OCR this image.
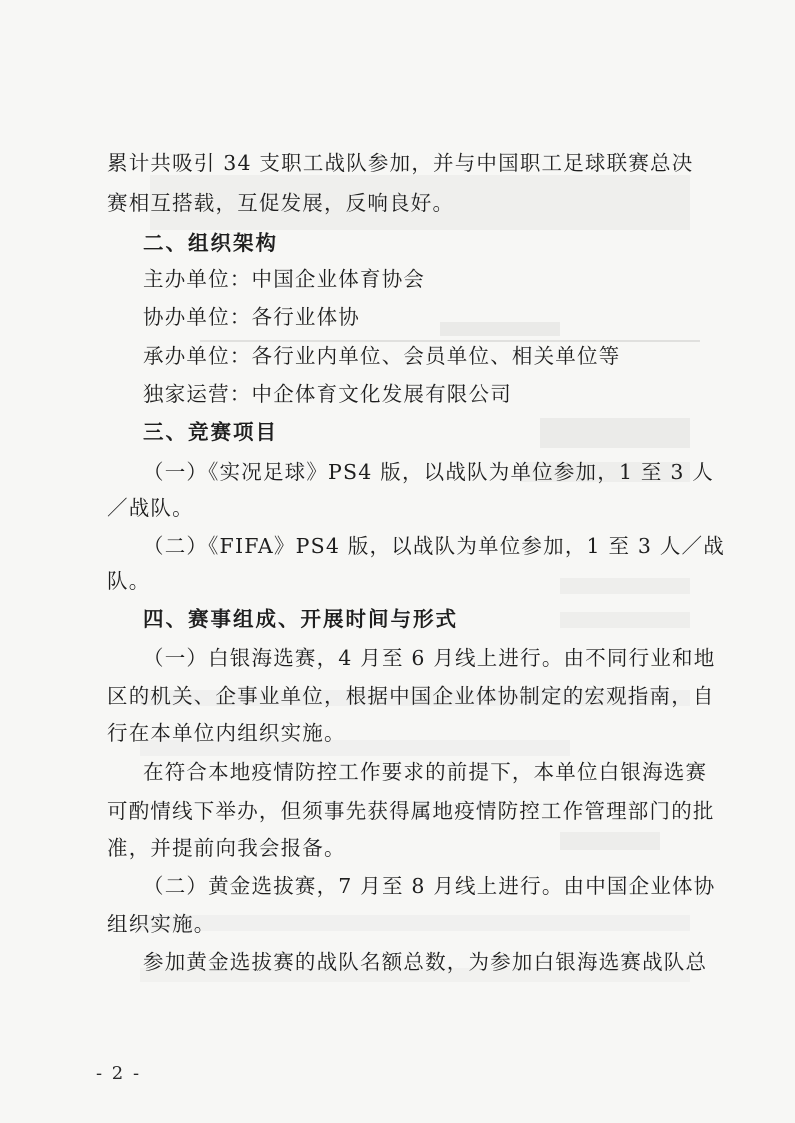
累计共吸引 34 支职工战队参加，并与中国职工足球联赛总决
赛相互搭载，互促发展，反响良好。
二、组织架构
主办单位：中国企业体育协会
协办单位：各行业体协
承办单位：各行业内单位、会员单位、相关单位等
独家运营：中企体育文化发展有限公司
三、竞赛项目
（一）《实况足球》PS4 版，以战队为单位参加，1 至 3 人
／战队。
（二）《FIFA》PS4 版，以战队为单位参加，1 至 3 人／战
队。
四、赛事组成、开展时间与形式
（一）白银海选赛，4 月至 6 月线上进行。由不同行业和地
区的机关、企事业单位，根据中国企业体协制定的宏观指南，自
行在本单位内组织实施。
在符合本地疫情防控工作要求的前提下，本单位白银海选赛
可酌情线下举办，但须事先获得属地疫情防控工作管理部门的批
准，并提前向我会报备。
（二）黄金选拔赛，7 月至 8 月线上进行。由中国企业体协
组织实施。
参加黄金选拔赛的战队名额总数，为参加白银海选赛战队总
- 2 -
